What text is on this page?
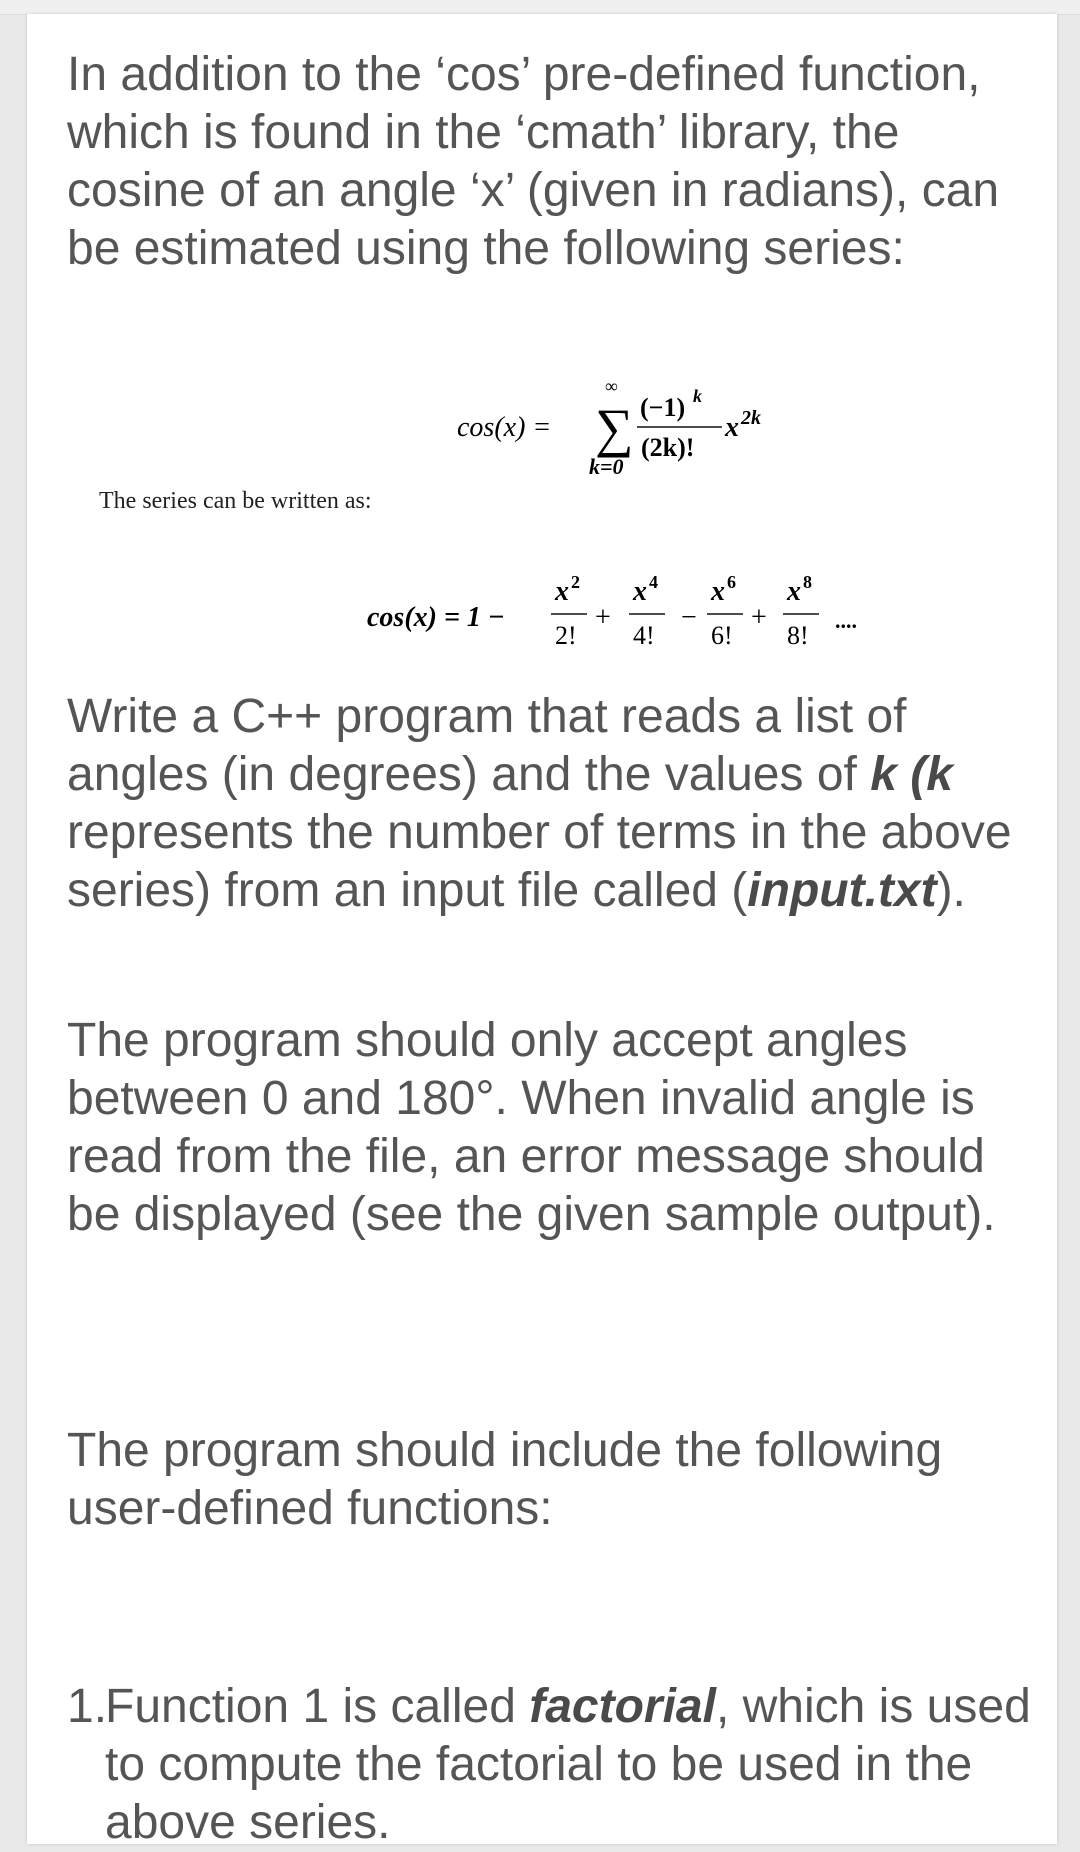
In addition to the ‘cos’ pre-defined function, which is found in the ‘cmath’ library, the cosine of an angle ‘x’ (given in radians), can be estimated using the following series:

cos(x) =
∞
∑
k=0
(−1) k
(2k)!
x 2k

The series can be written as:

cos(x) = 1 −
x 2
2!
+
x 4
4!
−
x 6
6!
+
x 8
8!
....

Write a C++ program that reads a list of angles (in degrees) and the values of k (k represents the number of terms in the above series) from an input file called (input.txt).

The program should only accept angles between 0 and 180°. When invalid angle is read from the file, an error message should be displayed (see the given sample output).

The program should include the following user-defined functions:

1.
Function 1 is called factorial, which is used to compute the factorial to be used in the above series.
